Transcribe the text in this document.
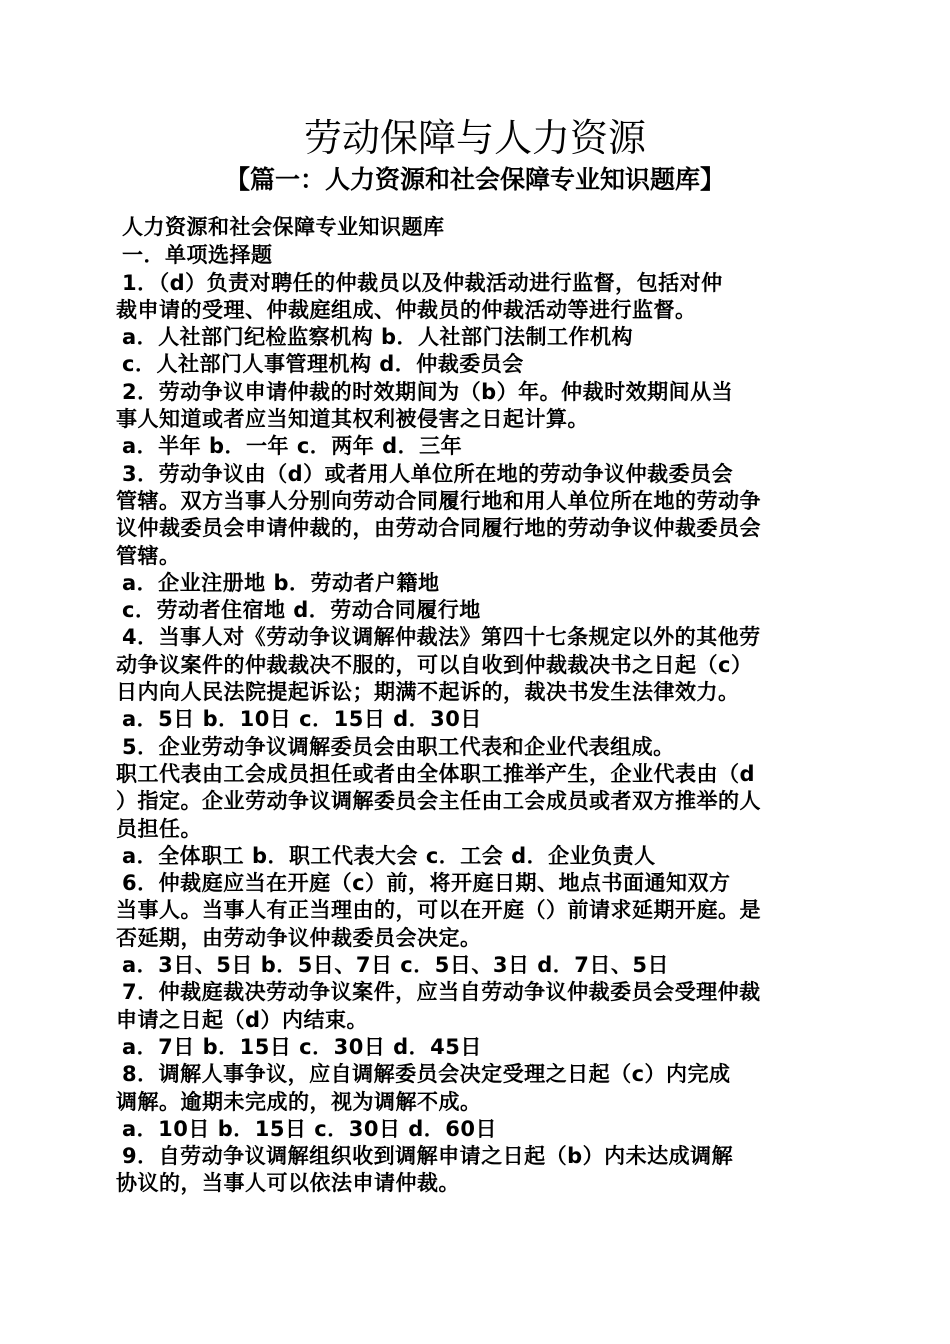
劳动保障与人力资源
【篇一：人力资源和社会保障专业知识题库】

人力资源和社会保障专业知识题库

一．单项选择题

1．（d）负责对聘任的仲裁员以及仲裁活动进行监督，包括对仲

裁申请的受理、仲裁庭组成、仲裁员的仲裁活动等进行监督。

a．人社部门纪检监察机构 b．人社部门法制工作机构

c．人社部门人事管理机构 d．仲裁委员会

2．劳动争议申请仲裁的时效期间为（b）年。仲裁时效期间从当

事人知道或者应当知道其权利被侵害之日起计算。

a．半年 b．一年 c．两年 d．三年

3．劳动争议由（d）或者用人单位所在地的劳动争议仲裁委员会

管辖。双方当事人分别向劳动合同履行地和用人单位所在地的劳动争

议仲裁委员会申请仲裁的，由劳动合同履行地的劳动争议仲裁委员会

管辖。

a．企业注册地 b．劳动者户籍地

c．劳动者住宿地 d．劳动合同履行地

4．当事人对《劳动争议调解仲裁法》第四十七条规定以外的其他劳

动争议案件的仲裁裁决不服的，可以自收到仲裁裁决书之日起（c）

日内向人民法院提起诉讼；期满不起诉的，裁决书发生法律效力。

a．5日 b．10日 c．15日 d．30日

5．企业劳动争议调解委员会由职工代表和企业代表组成。

职工代表由工会成员担任或者由全体职工推举产生，企业代表由（d

）指定。企业劳动争议调解委员会主任由工会成员或者双方推举的人

员担任。

a．全体职工 b．职工代表大会 c．工会 d．企业负责人

6．仲裁庭应当在开庭（c）前，将开庭日期、地点书面通知双方

当事人。当事人有正当理由的，可以在开庭（）前请求延期开庭。是

否延期，由劳动争议仲裁委员会决定。

a．3日、5日 b．5日、7日 c．5日、3日 d．7日、5日

7．仲裁庭裁决劳动争议案件，应当自劳动争议仲裁委员会受理仲裁

申请之日起（d）内结束。

a．7日 b．15日 c．30日 d．45日

8．调解人事争议，应自调解委员会决定受理之日起（c）内完成

调解。逾期未完成的，视为调解不成。

a．10日 b．15日 c．30日 d．60日

9．自劳动争议调解组织收到调解申请之日起（b）内未达成调解

协议的，当事人可以依法申请仲裁。
